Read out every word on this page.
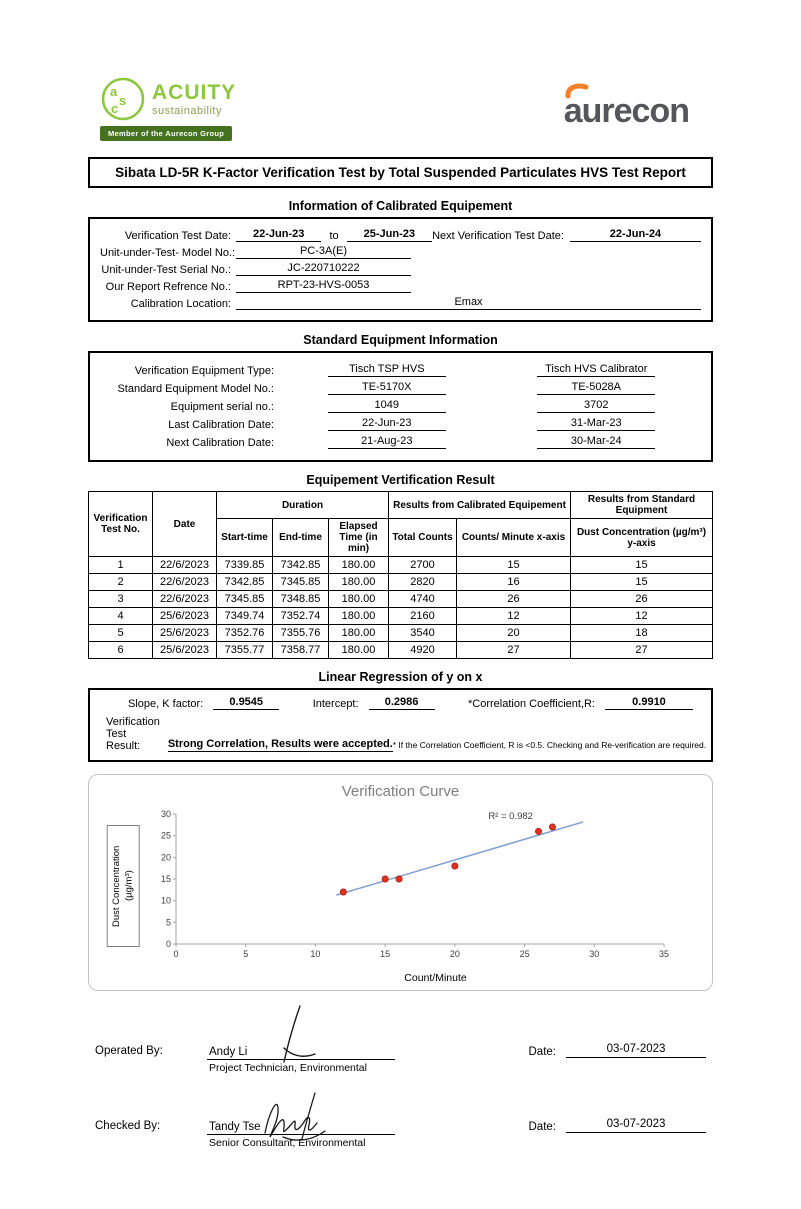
a
s
c
ACUITY
sustainability
Member of the Aurecon Group
aurecon
Sibata LD-5R K-Factor Verification Test by Total Suspended Particulates HVS Test Report
Information of Calibrated Equipement
Verification Test Date:	22-Jun-23	to	25-Jun-23	Next Verification Test Date:	22-Jun-24
Unit-under-Test- Model No.:	PC-3A(E)
Unit-under-Test Serial No.:	JC-220710222
Our Report Refrence No.:	RPT-23-HVS-0053
Calibration Location:	Emax
Standard Equipment Information
Verification Equipment Type:	Tisch TSP HVS	Tisch HVS Calibrator
Standard Equipment Model No.:	TE-5170X	TE-5028A
Equipment serial no.:	1049	3702
Last Calibration Date:	22-Jun-23	31-Mar-23
Next Calibration Date:	21-Aug-23	30-Mar-24
Equipement Vertification Result
Verification Test No.	Date	Duration			Results from Calibrated Equipement		Results from Standard Equipment
		Start-time	End-time	Elapsed Time (in min)	Total Counts	Counts/ Minute x-axis	Dust Concentration (µg/m³) y-axis
1	22/6/2023	7339.85	7342.85	180.00	2700	15	15
2	22/6/2023	7342.85	7345.85	180.00	2820	16	15
3	22/6/2023	7345.85	7348.85	180.00	4740	26	26
4	25/6/2023	7349.74	7352.74	180.00	2160	12	12
5	25/6/2023	7352.76	7355.76	180.00	3540	20	18
6	25/6/2023	7355.77	7358.77	180.00	4920	27	27
Linear Regression of y on x
Slope, K factor:	0.9545	Intercept:	0.2986	*Correlation Coefficient,R:	0.9910
Verification Test Result:	Strong Correlation, Results were accepted. * If the Correlation Coefficient, R is <0.5. Checking and Re-verification are required.
Verification Curve
Dust Concentration (µg/m³)
0	5	10	15	20	25	30	35
0
5
10
15
20
25
30	R² = 0.982
Count/Minute
Operated By:	Andy Li
Project Technician, Environmental
Date:	03-07-2023
Checked By:	Tandy Tse
Senior Consultant, Environmental
Date:	03-07-2023
